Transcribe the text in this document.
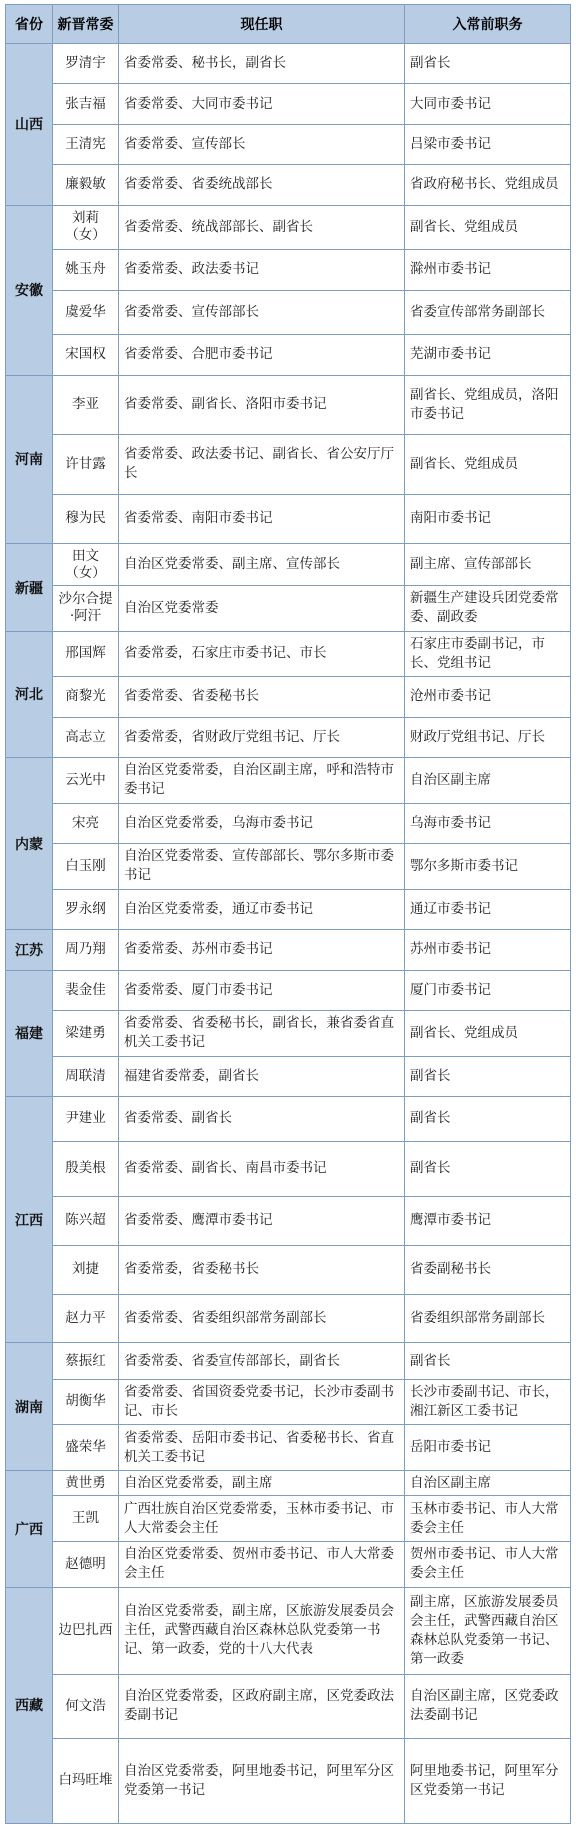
省份	新晋常委	现任职	入常前职务
山西	罗清宇	省委常委、秘书长，副省长	副省长
	张吉福	省委常委、大同市委书记	大同市委书记
	王清宪	省委常委、宣传部长	吕梁市委书记
	廉毅敏	省委常委、省委统战部长	省政府秘书长、党组成员
安徽	刘莉（女）	省委常委、统战部部长、副省长	副省长、党组成员
	姚玉舟	省委常委、政法委书记	滁州市委书记
	虞爱华	省委常委、宣传部部长	省委宣传部常务副部长
	宋国权	省委常委、合肥市委书记	芜湖市委书记
河南	李亚	省委常委、副省长、洛阳市委书记	副省长、党组成员，洛阳市委书记
	许甘露	省委常委、政法委书记、副省长、省公安厅厅长	副省长、党组成员
	穆为民	省委常委、南阳市委书记	南阳市委书记
新疆	田文（女）	自治区党委常委、副主席、宣传部长	副主席、宣传部部长
	沙尔合提·阿汗	自治区党委常委	新疆生产建设兵团党委常委、副政委
河北	邢国辉	省委常委，石家庄市委书记、市长	石家庄市委副书记，市长、党组书记
	商黎光	省委常委、省委秘书长	沧州市委书记
	高志立	省委常委，省财政厅党组书记、厅长	财政厅党组书记、厅长
内蒙	云光中	自治区党委常委，自治区副主席，呼和浩特市委书记	自治区副主席
	宋亮	自治区党委常委，乌海市委书记	乌海市委书记
	白玉刚	自治区党委常委、宣传部部长、鄂尔多斯市委书记	鄂尔多斯市委书记
	罗永纲	自治区党委常委，通辽市委书记	通辽市委书记
江苏	周乃翔	省委常委、苏州市委书记	苏州市委书记
福建	裴金佳	省委常委、厦门市委书记	厦门市委书记
	梁建勇	省委常委、省委秘书长，副省长，兼省委省直机关工委书记	副省长、党组成员
	周联清	福建省委常委，副省长	副省长
江西	尹建业	省委常委、副省长	副省长
	殷美根	省委常委、副省长、南昌市委书记	副省长
	陈兴超	省委常委、鹰潭市委书记	鹰潭市委书记
	刘捷	省委常委，省委秘书长	省委副秘书长
	赵力平	省委常委、省委组织部常务副部长	省委组织部常务副部长
湖南	蔡振红	省委常委、省委宣传部部长，副省长	副省长
	胡衡华	省委常委、省国资委党委书记，长沙市委副书记、市长	长沙市委副书记、市长，湘江新区工委书记
	盛荣华	省委常委、岳阳市委书记、省委秘书长、省直机关工委书记	岳阳市委书记
广西	黄世勇	自治区党委常委，副主席	自治区副主席
	王凯	广西壮族自治区党委常委，玉林市委书记、市人大常委会主任	玉林市委书记、市人大常委会主任
	赵德明	自治区党委常委、贺州市委书记、市人大常委会主任	贺州市委书记、市人大常委会主任
西藏	边巴扎西	自治区党委常委，副主席，区旅游发展委员会主任，武警西藏自治区森林总队党委第一书记、第一政委，党的十八大代表	副主席，区旅游发展委员会主任，武警西藏自治区森林总队党委第一书记、第一政委
	何文浩	自治区党委常委，区政府副主席，区党委政法委副书记	自治区副主席，区党委政法委副书记
	白玛旺堆	自治区党委常委，阿里地委书记，阿里军分区党委第一书记	阿里地委书记，阿里军分区党委第一书记
